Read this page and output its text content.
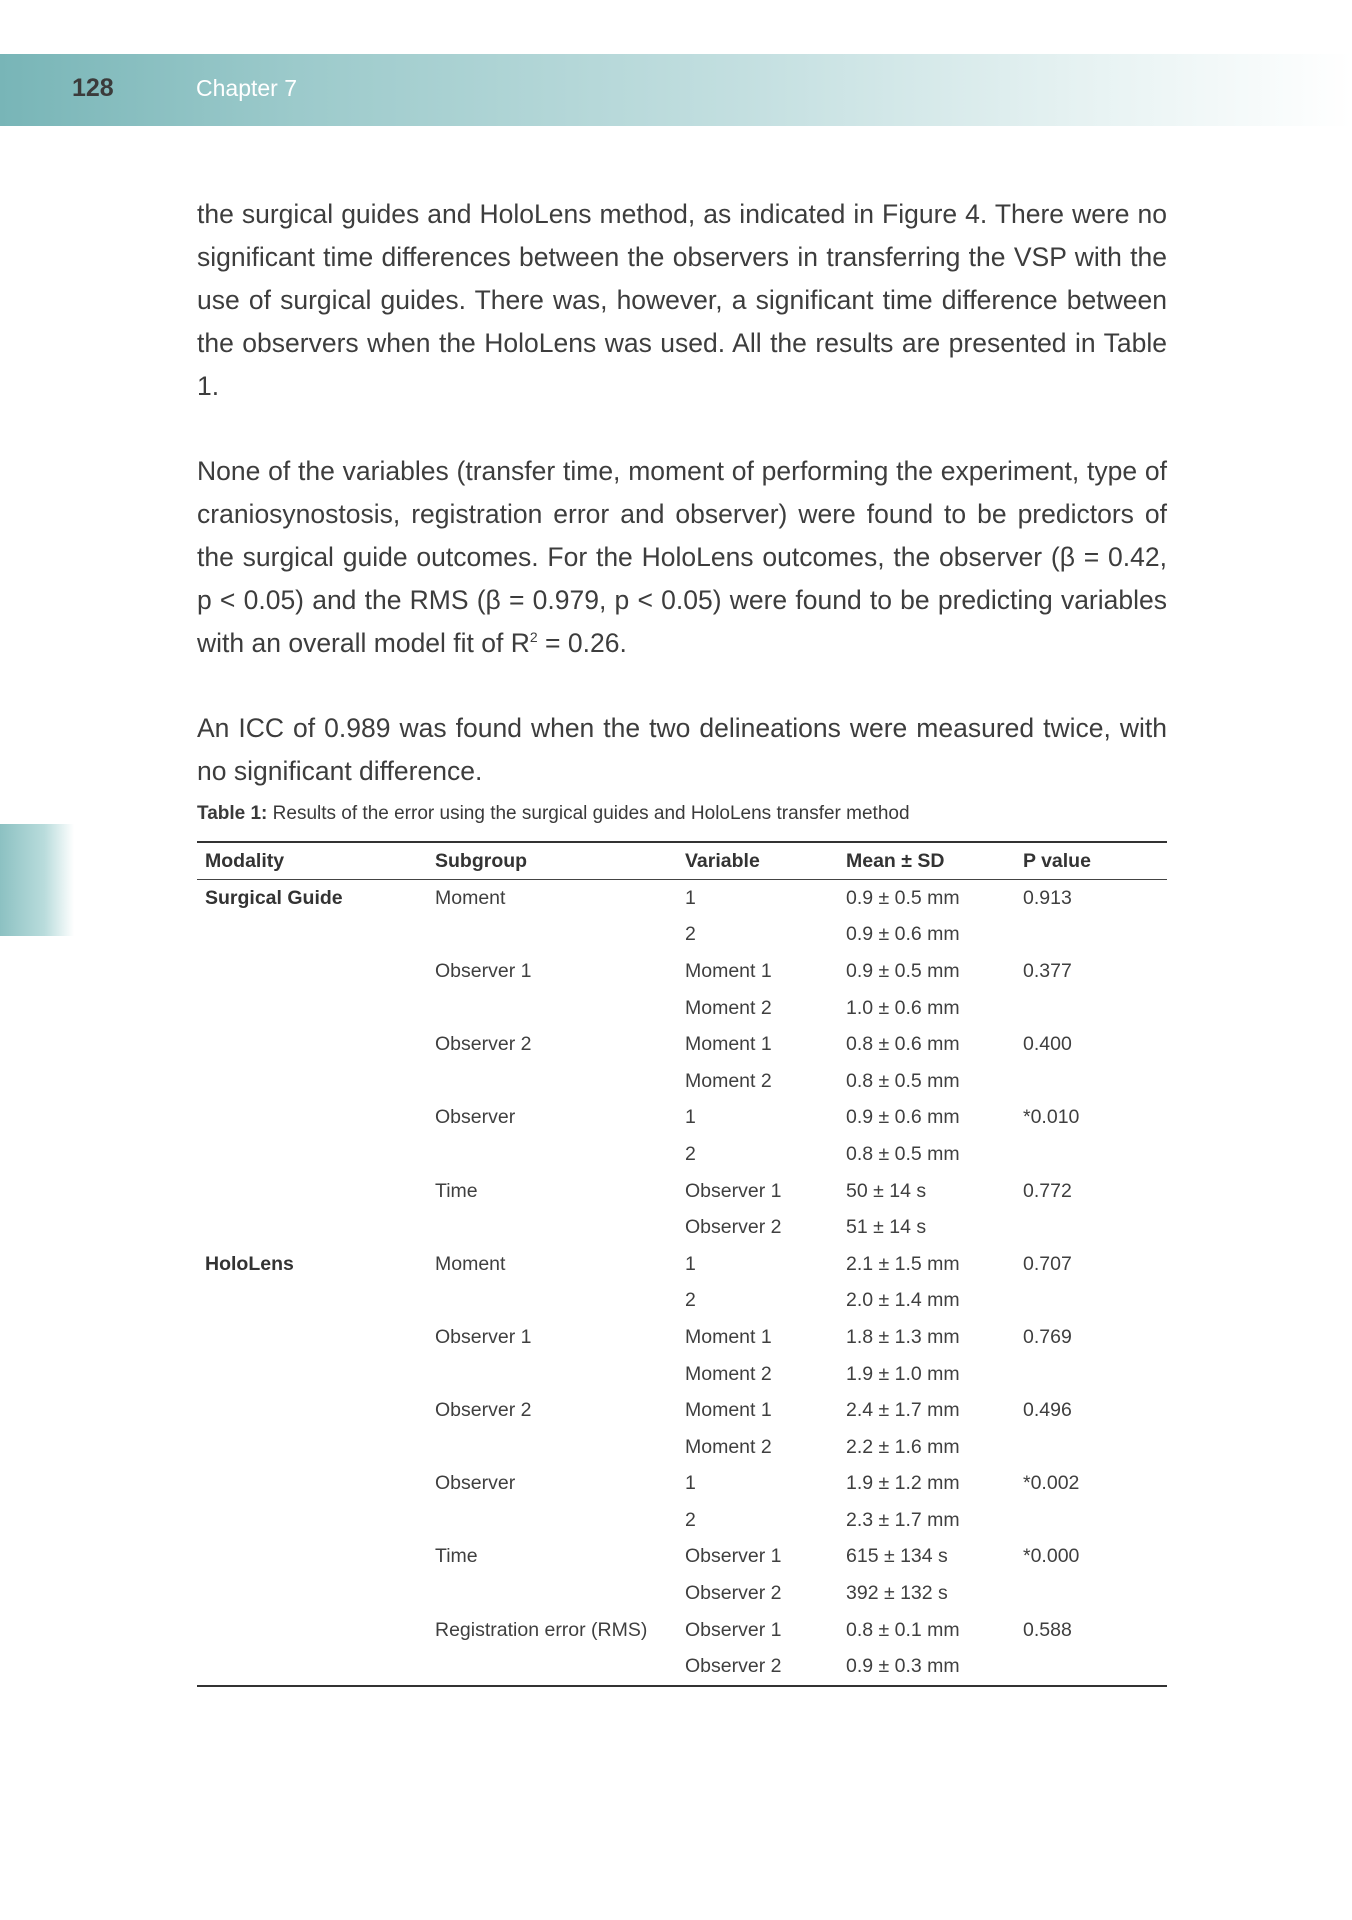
128	Chapter 7

the surgical guides and HoloLens method, as indicated in Figure 4. There were no significant time differences between the observers in transferring the VSP with the use of surgical guides. There was, however, a significant time difference between the observers when the HoloLens was used. All the results are presented in Table 1.

None of the variables (transfer time, moment of performing the experiment, type of craniosynostosis, registration error and observer) were found to be predictors of the surgical guide outcomes. For the HoloLens outcomes, the observer (β = 0.42, p < 0.05) and the RMS (β = 0.979, p < 0.05) were found to be predicting variables with an overall model fit of $R^2 = 0.26$.

An ICC of 0.989 was found when the two delineations were measured twice, with no significant difference.

Table 1: Results of the error using the surgical guides and HoloLens transfer method
Modality	Subgroup	Variable	Mean ± SD	P value
Surgical Guide	Moment	1	0.9 ± 0.5 mm	0.913
		2	0.9 ± 0.6 mm	
	Observer 1	Moment 1	0.9 ± 0.5 mm	0.377
		Moment 2	1.0 ± 0.6 mm	
	Observer 2	Moment 1	0.8 ± 0.6 mm	0.400
		Moment 2	0.8 ± 0.5 mm	
	Observer	1	0.9 ± 0.6 mm	*0.010
		2	0.8 ± 0.5 mm	
	Time	Observer 1	50 ± 14 s	0.772
		Observer 2	51 ± 14 s	
HoloLens	Moment	1	2.1 ± 1.5 mm	0.707
		2	2.0 ± 1.4 mm	
	Observer 1	Moment 1	1.8 ± 1.3 mm	0.769
		Moment 2	1.9 ± 1.0 mm	
	Observer 2	Moment 1	2.4 ± 1.7 mm	0.496
		Moment 2	2.2 ± 1.6 mm	
	Observer	1	1.9 ± 1.2 mm	*0.002
		2	2.3 ± 1.7 mm	
	Time	Observer 1	615 ± 134 s	*0.000
		Observer 2	392 ± 132 s	
	Registration error (RMS)	Observer 1	0.8 ± 0.1 mm	0.588
		Observer 2	0.9 ± 0.3 mm	
